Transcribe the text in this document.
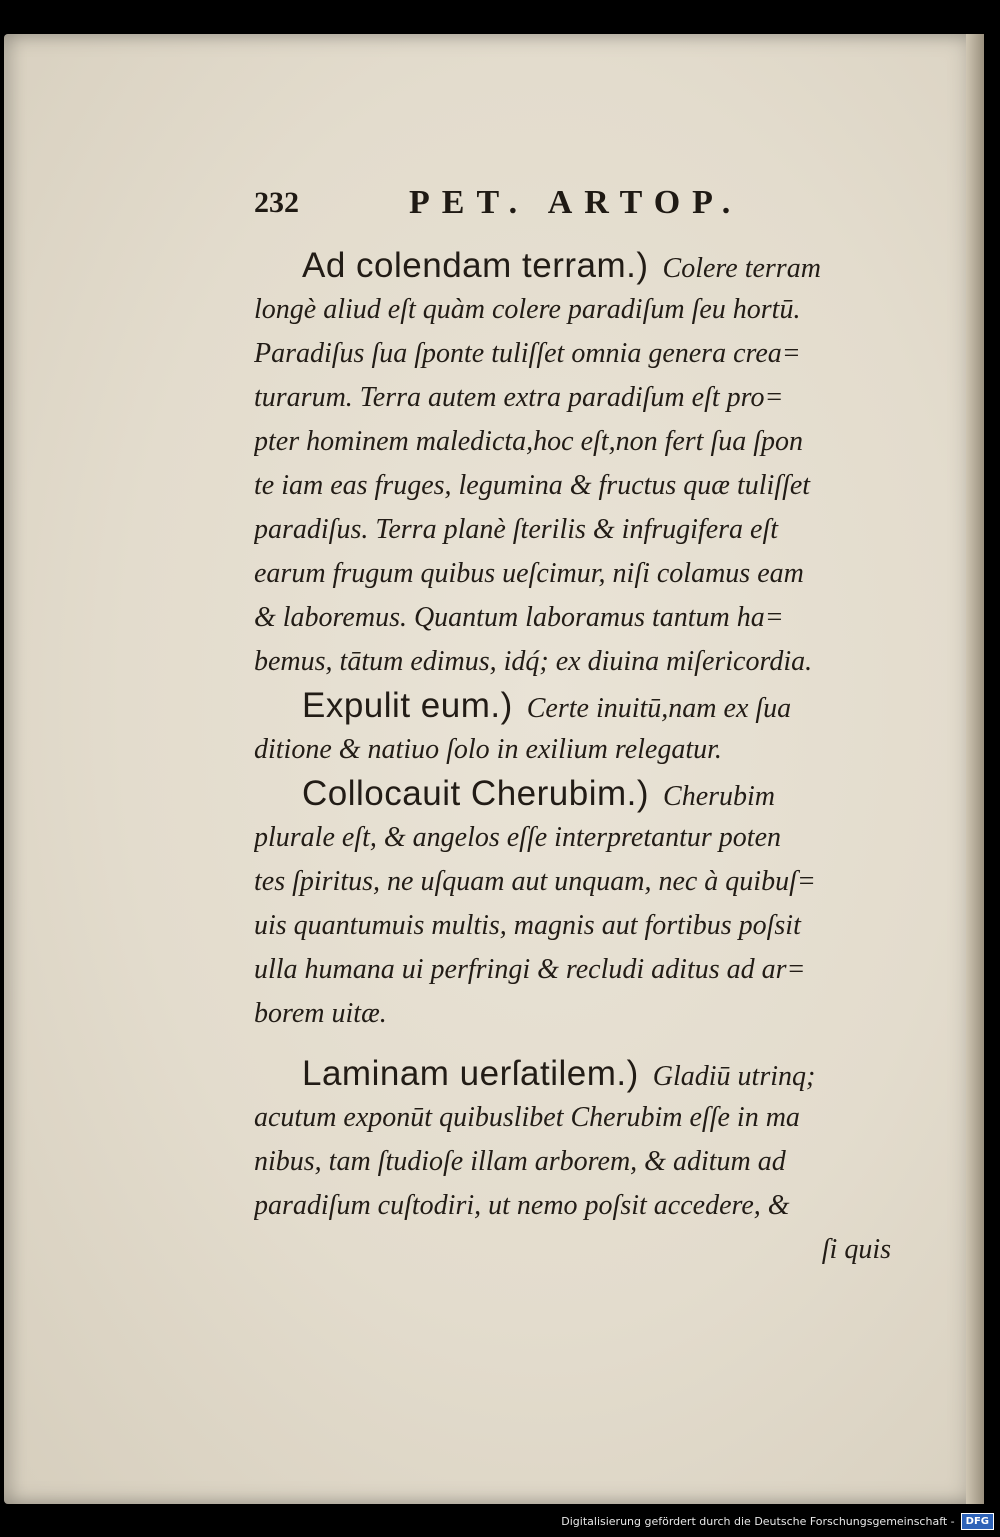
232	PET. ARTOP.
Ad colendam terram.) Colere terram
longè aliud eſt quàm colere paradiſum ſeu hortū.
Paradiſus ſua ſponte tuliſſet omnia genera crea=
turarum. Terra autem extra paradiſum eſt pro=
pter hominem maledicta,hoc eſt,non fert ſua ſpon
te iam eas fruges, legumina & fructus quæ tuliſſet
paradiſus. Terra planè ſterilis & infrugifera eſt
earum frugum quibus ueſcimur, niſi colamus eam
& laboremus. Quantum laboramus tantum ha=
bemus, tātum edimus, idq́; ex diuina miſericordia.
Expulit eum.) Certe inuitū,nam ex ſua
ditione & natiuo ſolo in exilium relegatur.
Collocauit Cherubim.) Cherubim
plurale eſt, & angelos eſſe interpretantur poten
tes ſpiritus, ne uſquam aut unquam, nec à quibuſ=
uis quantumuis multis, magnis aut fortibus poſsit
ulla humana ui perfringi & recludi aditus ad ar=
borem uitæ.
Laminam uerſatilem.) Gladiū utrinq;
acutum exponūt quibuslibet Cherubim eſſe in ma
nibus, tam ſtudioſe illam arborem, & aditum ad
paradiſum cuſtodiri, ut nemo poſsit accedere, &
ſi quis
Digitalisierung gefördert durch die Deutsche Forschungsgemeinschaft -	DFG
